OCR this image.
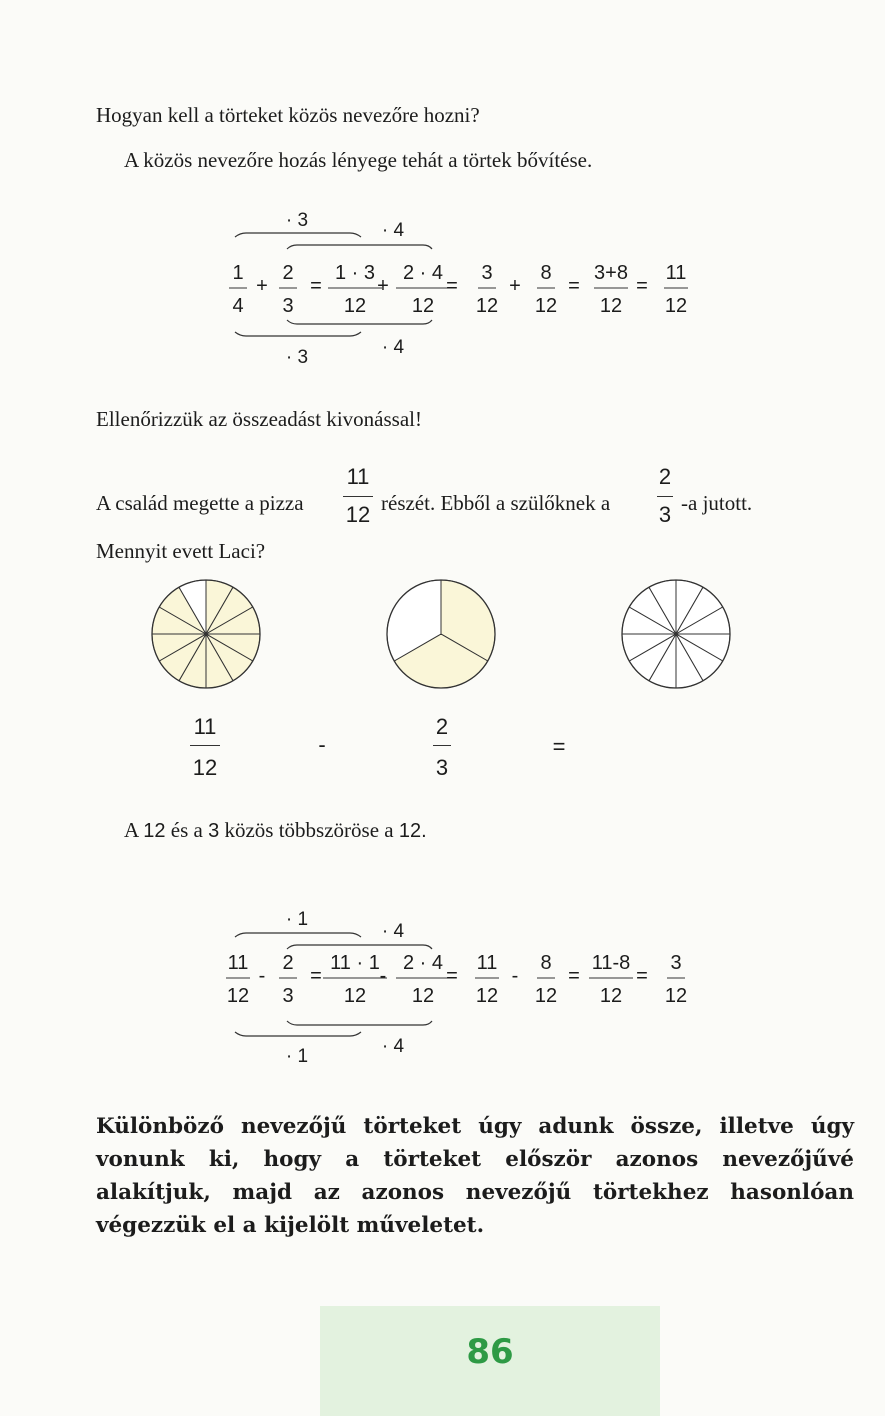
Hogyan kell a törteket közös nevezőre hozni?
A közös nevezőre hozás lényege tehát a törtek bővítése.
· 3	· 4
· 3	· 4
1
4
+
2
3
=
1 · 3
12
+
2 · 4
12
=
3
12
+
8
12
=
3+8
12
=
11
12
Ellenőrizzük az összeadást kivonással!
A család megette a pizza
11
12 részét. Ebből a szülőknek a
2
3 -a jutott.
Mennyit evett Laci?
11
12
-
2
3
=
A 12 és a 3 közös többszöröse a 12.
· 1
· 4
· 1	· 4
11
12
-
2
3
=
11 · 1
12
-
2 · 4
12
=
11
12
-
8
12
=
11-8
12
=
3
12
Különböző nevezőjű törteket úgy adunk össze, illetve úgy vonunk ki, hogy a törteket először azonos nevezőjűvé alakítjuk, majd az azonos nevezőjű törtekhez hasonlóan végezzük el a kijelölt műveletet.
86
